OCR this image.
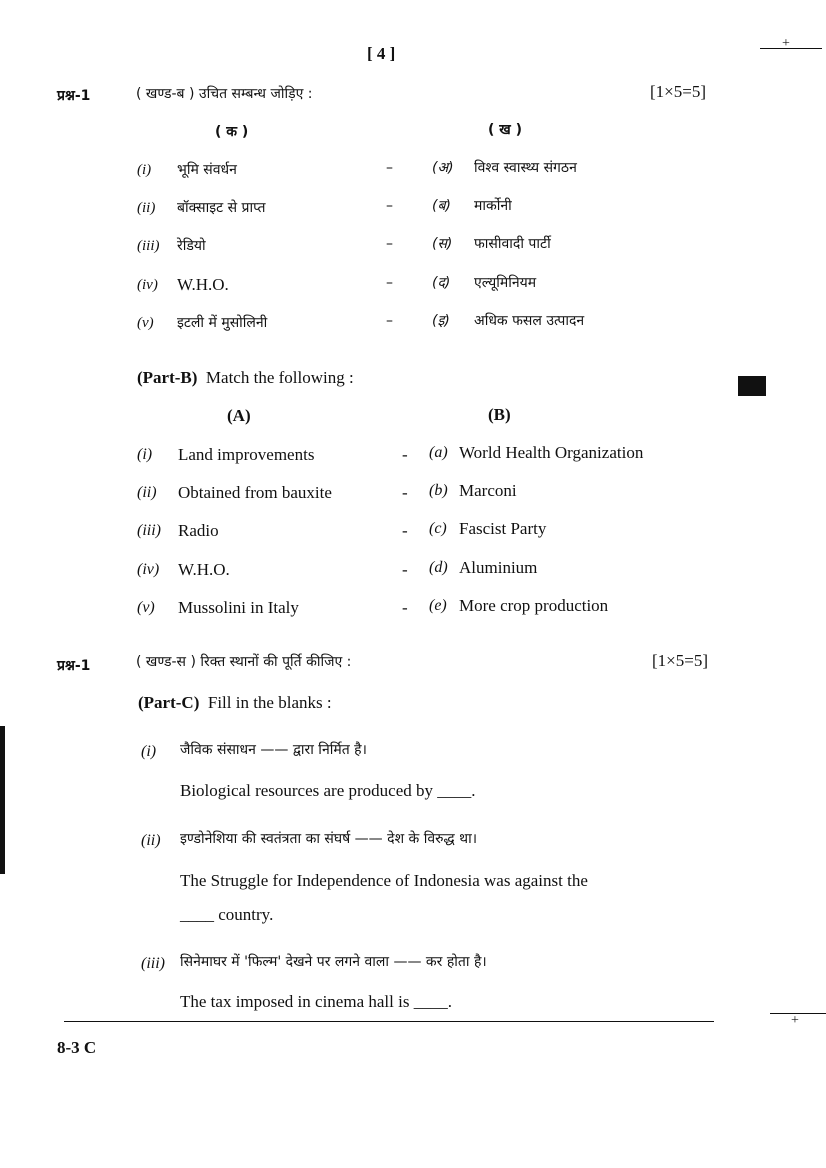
[ 4 ]
+
प्रश्न-1	( खण्ड-ब ) उचित सम्बन्ध जोड़िए :	[1×5=5]
( क )	( ख )
(i) भूमि संवर्धन	–	(अ) विश्व स्वास्थ्य संगठन
(ii) बॉक्साइट से प्राप्त	–	(ब) मार्कोनी
(iii) रेडियो	–	(स) फासीवादी पार्टी
(iv) W.H.O.	–	(द) एल्यूमिनियम
(v) इटली में मुसोलिनी	–	(इ) अधिक फसल उत्पादन
(Part-B) Match the following :
(A)	(B)
(i) Land improvements	- (a) World Health Organization
(ii) Obtained from bauxite	- (b) Marconi
(iii) Radio	- (c) Fascist Party
(iv) W.H.O.	- (d) Aluminium
(v) Mussolini in Italy	- (e) More crop production
प्रश्न-1	( खण्ड-स ) रिक्त स्थानों की पूर्ति कीजिए :	[1×5=5]
(Part-C) Fill in the blanks :
(i) जैविक संसाधन —— द्वारा निर्मित है।
Biological resources are produced by ____.
(ii) इण्डोनेशिया की स्वतंत्रता का संघर्ष —— देश के विरुद्ध था।
The Struggle for Independence of Indonesia was against the
____ country.
(iii) सिनेमाघर में 'फिल्म' देखने पर लगने वाला —— कर होता है।
The tax imposed in cinema hall is ____.
+
8-3 C
